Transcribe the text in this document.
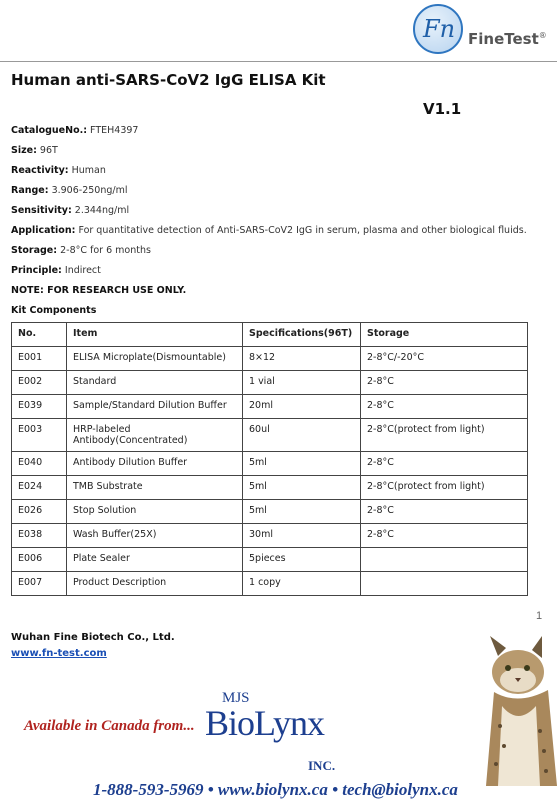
Fn FineTest®
Human anti-SARS-CoV2 IgG ELISA Kit
V1.1
CatalogueNo.: FTEH4397
Size: 96T
Reactivity: Human
Range: 3.906-250ng/ml
Sensitivity: 2.344ng/ml
Application: For quantitative detection of Anti-SARS-CoV2 IgG in serum, plasma and other biological fluids.
Storage: 2-8°C for 6 months
Principle: Indirect
NOTE: FOR RESEARCH USE ONLY.
Kit Components
No.	Item	Specifications(96T)	Storage
E001	ELISA Microplate(Dismountable)	8×12	2-8°C/-20°C
E002	Standard	1 vial	2-8°C
E039	Sample/Standard Dilution Buffer	20ml	2-8°C
E003	HRP-labeled Antibody(Concentrated)	60ul	2-8°C(protect from light)
E040	Antibody Dilution Buffer	5ml	2-8°C
E024	TMB Substrate	5ml	2-8°C(protect from light)
E026	Stop Solution	5ml	2-8°C
E038	Wash Buffer(25X)	30ml	2-8°C
E006	Plate Sealer	5pieces	
E007	Product Description	1 copy	
1
Wuhan Fine Biotech Co., Ltd.
www.fn-test.com
Available in Canada from...
MJS
BioLynx
INC.
1-888-593-5969 • www.biolynx.ca • tech@biolynx.ca
